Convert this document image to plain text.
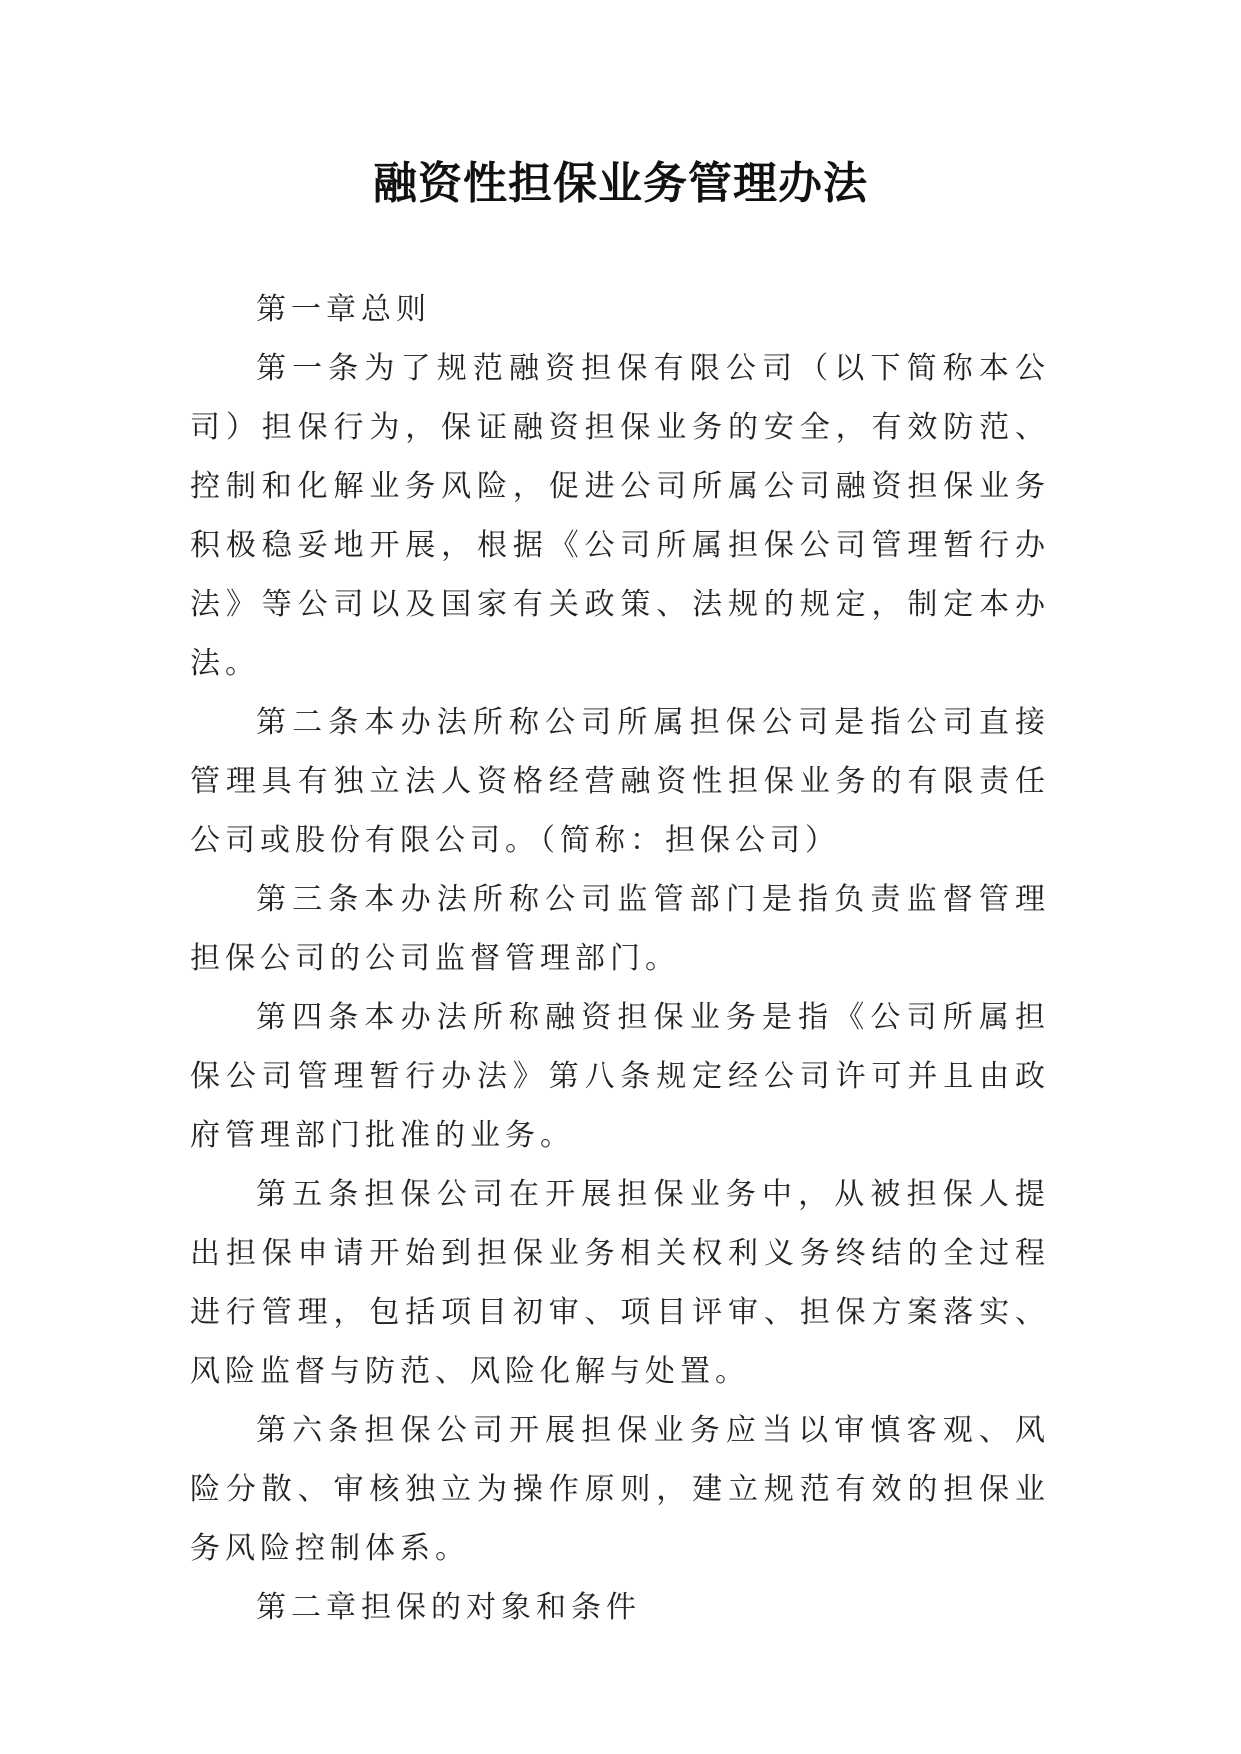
融资性担保业务管理办法

第一章总则

第一条为了规范融资担保有限公司（以下简称本公司）担保行为，保证融资担保业务的安全，有效防范、控制和化解业务风险，促进公司所属公司融资担保业务积极稳妥地开展，根据《公司所属担保公司管理暂行办法》等公司以及国家有关政策、法规的规定，制定本办法。

第二条本办法所称公司所属担保公司是指公司直接管理具有独立法人资格经营融资性担保业务的有限责任公司或股份有限公司。（简称：担保公司）

第三条本办法所称公司监管部门是指负责监督管理担保公司的公司监督管理部门。

第四条本办法所称融资担保业务是指《公司所属担保公司管理暂行办法》第八条规定经公司许可并且由政府管理部门批准的业务。

第五条担保公司在开展担保业务中，从被担保人提出担保申请开始到担保业务相关权利义务终结的全过程进行管理，包括项目初审、项目评审、担保方案落实、风险监督与防范、风险化解与处置。

第六条担保公司开展担保业务应当以审慎客观、风险分散、审核独立为操作原则，建立规范有效的担保业务风险控制体系。

第二章担保的对象和条件
